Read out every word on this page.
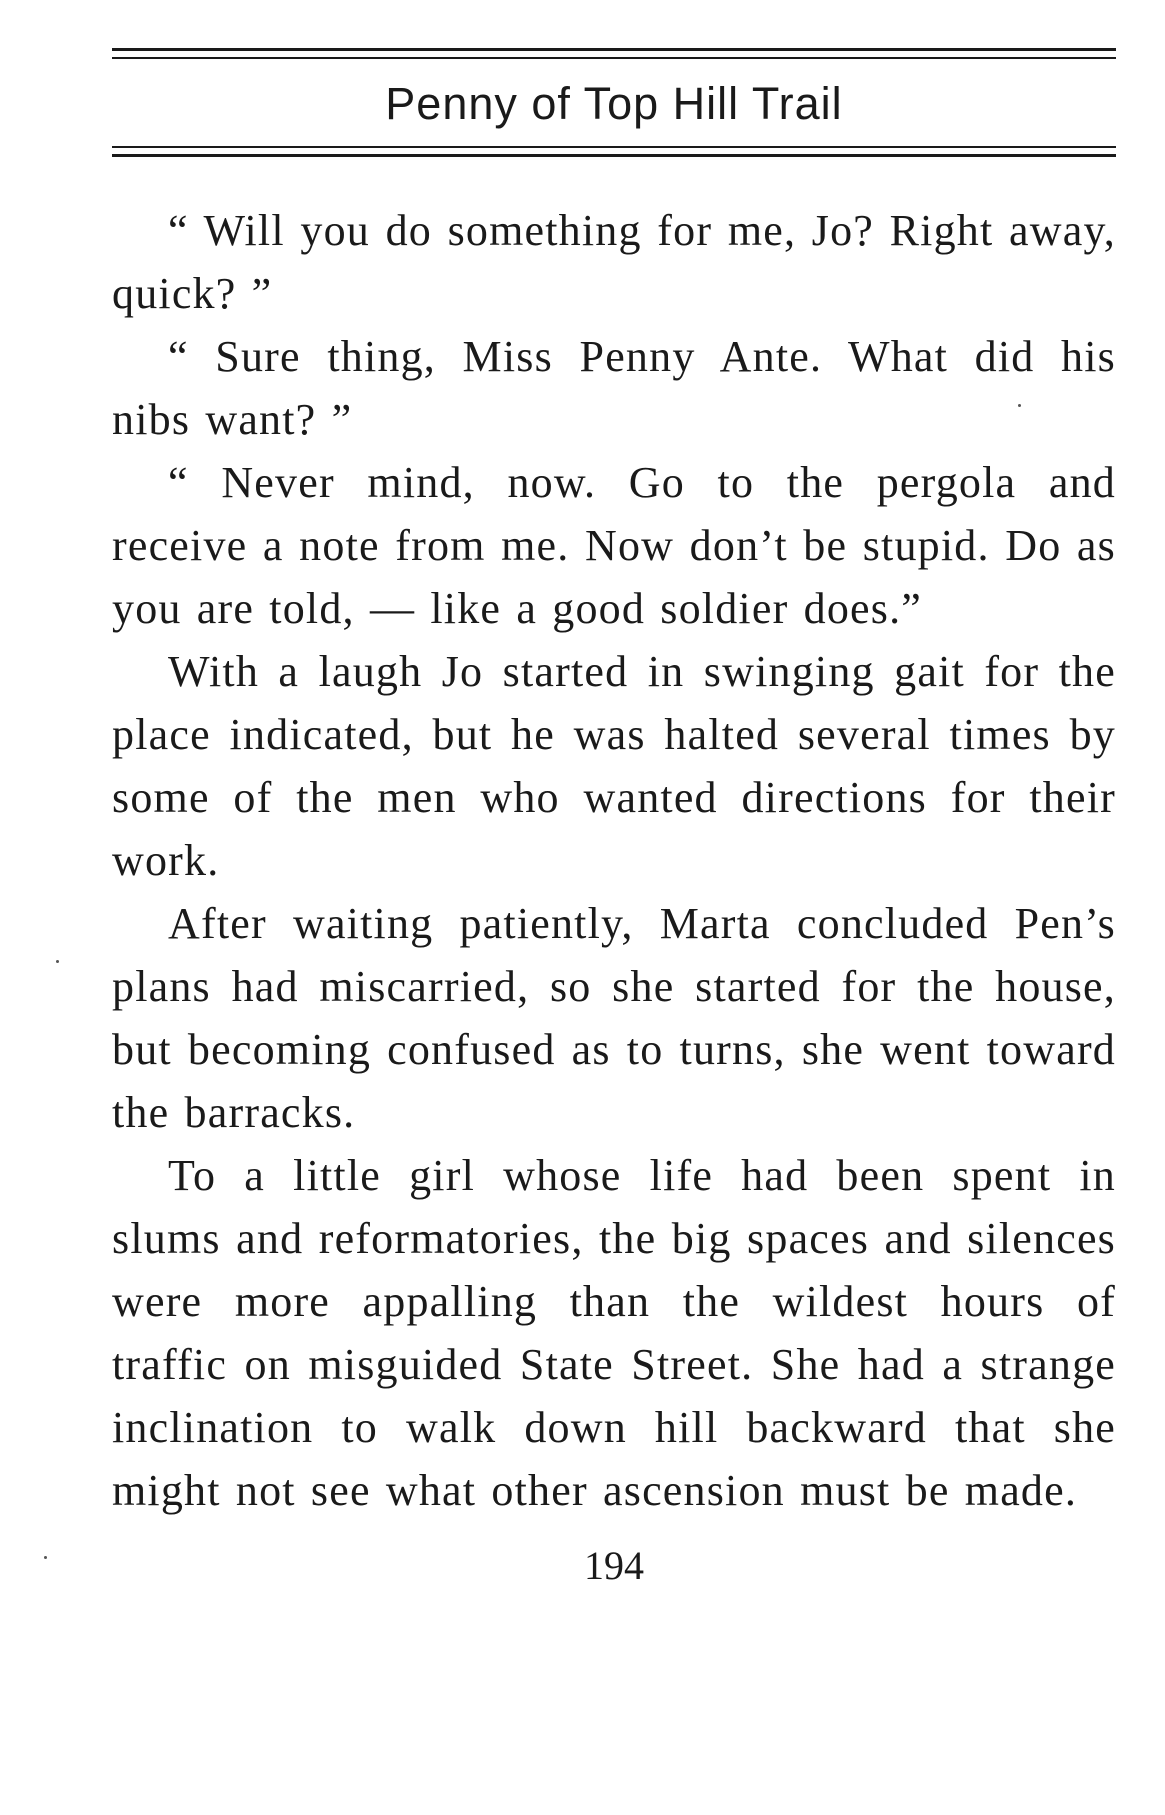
Penny of Top Hill Trail

“ Will you do something for me, Jo? Right away, quick? ”

“ Sure thing, Miss Penny Ante. What did his nibs want? ”

“ Never mind, now. Go to the pergola and receive a note from me. Now don’t be stupid. Do as you are told, — like a good soldier does.”

With a laugh Jo started in swinging gait for the place indicated, but he was halted several times by some of the men who wanted directions for their work.

After waiting patiently, Marta concluded Pen’s plans had miscarried, so she started for the house, but becoming confused as to turns, she went toward the barracks.

To a little girl whose life had been spent in slums and reformatories, the big spaces and silences were more appalling than the wildest hours of traffic on misguided State Street. She had a strange inclination to walk down hill backward that she might not see what other ascension must be made.

194
